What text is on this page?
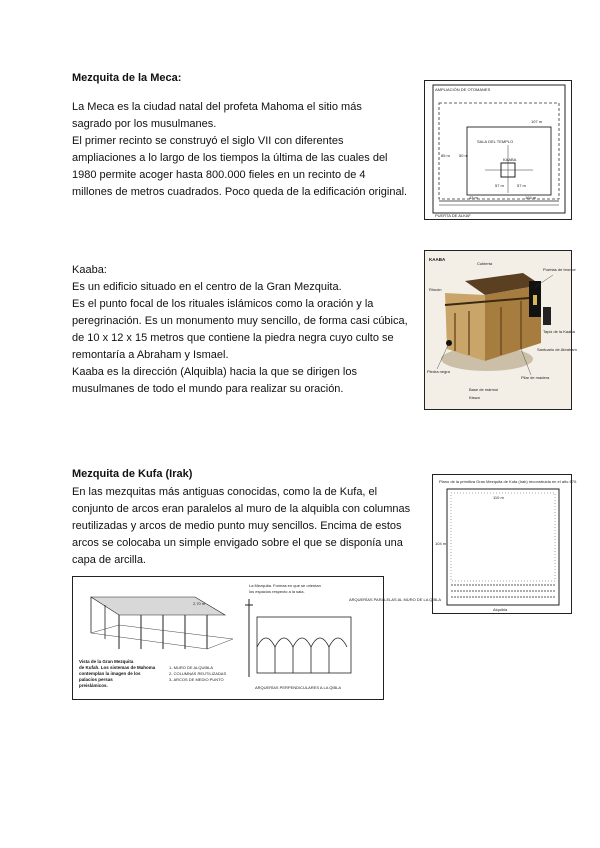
Mezquita de la Meca:
La Meca es la ciudad natal del profeta Mahoma el sitio más
sagrado por los musulmanes.
El primer recinto se construyó el siglo VII con diferentes
ampliaciones a lo largo de los tiempos la última de las cuales del
1980 permite acoger hasta 800.000 fieles en un recinto de 4
millones de metros cuadrados. Poco queda de la edificación original.
AMPLIACIÓN DE OTOMANES
SALA DEL TEMPLO
KAABA
PUERTA DE ALKAF
85 m 50 m
107 m
57 m	57 m
164 m
43 m
Kaaba:
Es un edificio situado en el centro de la Gran Mezquita.
Es el punto focal de los rituales islámicos como la oración y la
peregrinación. Es un monumento muy sencillo, de forma casi cúbica,
de 10 x 12 x 15 metros que contiene la piedra negra cuyo culto se
remontaría a Abraham y Ismael.
Kaaba es la dirección (Alquibla) hacia la que se dirigen los
musulmanes de todo el mundo para realizar su oración.
KAABA
Cubierta
Puertas de bronce
Piedra negra
Tapiz de la Kaaba
Santuario de Abraham
Pilar de madera
Rincón
Base de mármol
Kiswa
Mezquita de Kufa (Irak)
En las mezquitas más antiguas conocidas, como la de Kufa, el
conjunto de arcos eran paralelos al muro de la alquibla con columnas
reutilizadas y arcos de medio punto muy sencillos. Encima de estos
arcos se colocaba un simple envigado sobre el que se disponía una
capa de arcilla.
Plano de la primitiva Gran Mezquita de Kufa (Irak) reconstruida en el año 670.
Alquibla
104 m
110 m
2,70 m
Vista de la Gran Mezquita
de Kufah. Los sistemas de Mahoma
contemplan la imagen de los
palacios persas
preislámicos.
1- MURO DE ALQUIBLA
2- COLUMNAS REUTILIZADAS
3- ARCOS DE MEDIO PUNTO
La Mezquita. Formas en que se orientan
los espacios respecto a la sala.
ARQUERÍAS PARALELAS AL MURO DE LA QIBLA
ARQUERÍAS PERPENDICULARES A LA QIBLA
